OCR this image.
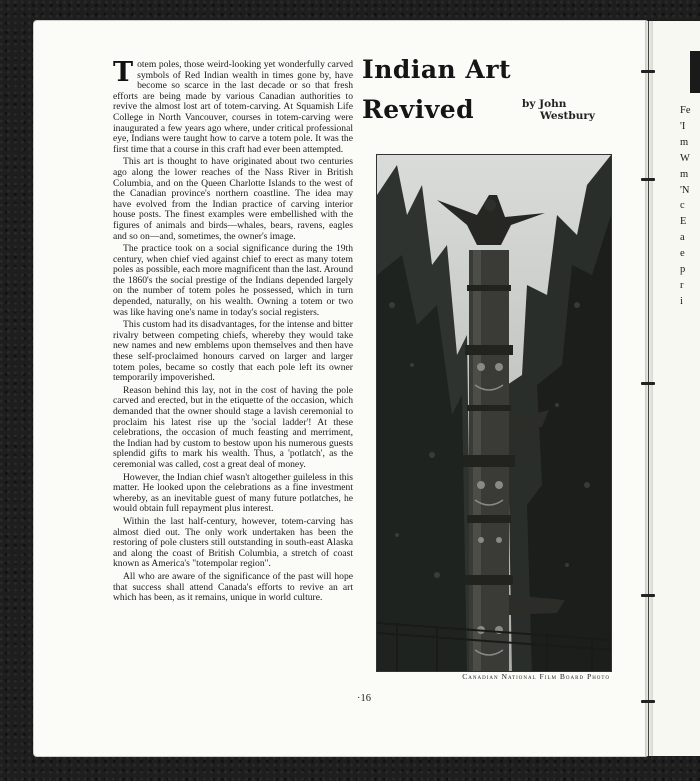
Fe
'I
m
W
m
'N
c
E
a
e
p
r
i

Totem poles, those weird-looking yet wonderfully carved symbols of Red Indian wealth in times gone by, have become so scarce in the last decade or so that fresh efforts are being made by various Canadian authorities to revive the almost lost art of totem-carving. At Squamish Life College in North Vancouver, courses in totem-carving were inaugurated a few years ago where, under critical professional eye, Indians were taught how to carve a totem pole. It was the first time that a course in this craft had ever been attempted.

This art is thought to have originated about two centuries ago along the lower reaches of the Nass River in British Columbia, and on the Queen Charlotte Islands to the west of the Canadian province's northern coastline. The idea may have evolved from the Indian practice of carving interior house posts. The finest examples were embellished with the figures of animals and birds—whales, bears, ravens, eagles and so on—and, sometimes, the owner's image.

The practice took on a social significance during the 19th century, when chief vied against chief to erect as many totem poles as possible, each more magnificent than the last. Around the 1860's the social prestige of the Indians depended largely on the number of totem poles he possessed, which in turn depended, naturally, on his wealth. Owning a totem or two was like having one's name in today's social registers.

This custom had its disadvantages, for the intense and bitter rivalry between competing chiefs, whereby they would take new names and new emblems upon themselves and then have these self-proclaimed honours carved on larger and larger totem poles, became so costly that each pole left its owner temporarily impoverished.

Reason behind this lay, not in the cost of having the pole carved and erected, but in the etiquette of the occasion, which demanded that the owner should stage a lavish ceremonial to proclaim his latest rise up the 'social ladder'! At these celebrations, the occasion of much feasting and merriment, the Indian had by custom to bestow upon his numerous guests splendid gifts to mark his wealth. Thus, a 'potlatch', as the ceremonial was called, cost a great deal of money.

However, the Indian chief wasn't altogether guileless in this matter. He looked upon the celebrations as a fine investment whereby, as an inevitable guest of many future potlatches, he would obtain full repayment plus interest.

Within the last half-century, however, totem-carving has almost died out. The only work undertaken has been the restoring of pole clusters still outstanding in south-east Alaska and along the coast of British Columbia, a stretch of coast known as America's "totempolar region".

All who are aware of the significance of the past will hope that success shall attend Canada's efforts to revive an art which has been, as it remains, unique in world culture.

Indian Art
Revived	by John
Westbury
Canadian National Film Board Photo
·16
